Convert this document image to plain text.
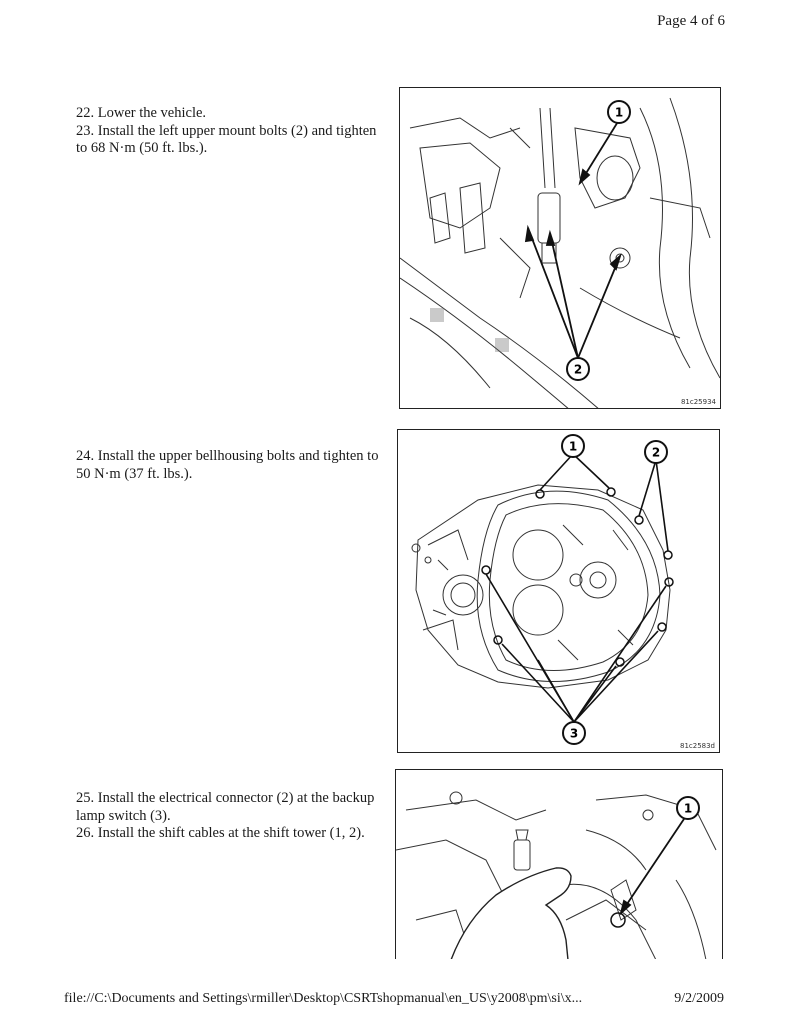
Page 4 of 6
22. Lower the vehicle.
23. Install the left upper mount bolts (2) and tighten
to 68 N·m (50 ft. lbs.).
1
2
81c25934
24. Install the upper bellhousing bolts and tighten to
50 N·m (37 ft. lbs.).
1	2
3
81c2583d
25. Install the electrical connector (2) at the backup
lamp switch (3).
26. Install the shift cables at the shift tower (1, 2).
1
file://C:\Documents and Settings\rmiller\Desktop\CSRTshopmanual\en_US\y2008\pm\si\x...	9/2/2009
